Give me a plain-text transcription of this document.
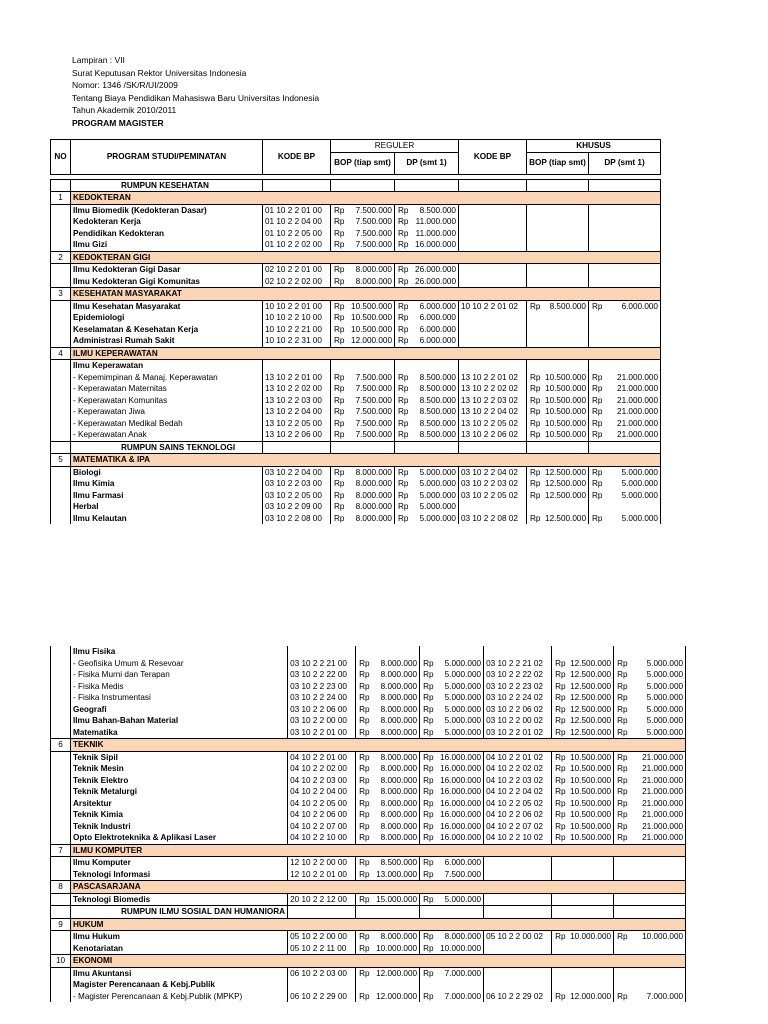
Lampiran : VII
Surat Keputusan Rektor Universitas Indonesia
Nomor: 1346 /SK/R/UI/2009
Tentang Biaya Pendidikan Mahasiswa Baru Universitas Indonesia
Tahun Akademik 2010/2011
PROGRAM MAGISTER
NO	PROGRAM STUDI/PEMINATAN	KODE BP	REGULER		KODE BP	KHUSUS	
			BOP (tiap smt)	DP (smt 1)		BOP (tiap smt)	DP (smt 1)

	RUMPUN KESEHATAN						
1	KEDOKTERAN						
	Ilmu Biomedik (Kedokteran Dasar)	01 10 2 2 01 00	Rp 7.500.000	Rp 8.500.000			

	Kedokteran Kerja	01 10 2 2 04 00	Rp 7.500.000	Rp 11.000.000			

	Pendidikan Kedokteran	01 10 2 2 05 00	Rp 7.500.000	Rp 11.000.000			

	Ilmu Gizi	01 10 2 2 02 00	Rp 7.500.000	Rp 16.000.000			

2	KEDOKTERAN GIGI						
	Ilmu Kedokteran Gigi Dasar	02 10 2 2 01 00	Rp 8.000.000	Rp 26.000.000			

	Ilmu Kedokteran Gigi Komunitas	02 10 2 2 02 00	Rp 8.000.000	Rp 26.000.000			

3	KESEHATAN MASYARAKAT						
	Ilmu Kesehatan Masyarakat	10 10 2 2 01 00	Rp 10.500.000	Rp 6.000.000	10 10 2 2 01 02	Rp 8.500.000	Rp 6.000.000

	Epidemiologi	10 10 2 2 10 00	Rp 10.500.000	Rp 6.000.000			

	Keselamatan & Kesehatan Kerja	10 10 2 2 21 00	Rp 10.500.000	Rp 6.000.000			

	Administrasi Rumah Sakit	10 10 2 2 31 00	Rp 12.000.000	Rp 6.000.000			

4	ILMU KEPERAWATAN						
	Ilmu Keperawatan						
	- Kepemimpinan & Manaj. Keperawatan	13 10 2 2 01 00	Rp 7.500.000	Rp 8.500.000	13 10 2 2 01 02	Rp 10.500.000	Rp 21.000.000

	- Keperawatan Maternitas	13 10 2 2 02 00	Rp 7.500.000	Rp 8.500.000	13 10 2 2 02 02	Rp 10.500.000	Rp 21.000.000

	- Keperawatan Komunitas	13 10 2 2 03 00	Rp 7.500.000	Rp 8.500.000	13 10 2 2 03 02	Rp 10.500.000	Rp 21.000.000

	- Keperawatan Jiwa	13 10 2 2 04 00	Rp 7.500.000	Rp 8.500.000	13 10 2 2 04 02	Rp 10.500.000	Rp 21.000.000

	- Keperawatan Medikal Bedah	13 10 2 2 05 00	Rp 7.500.000	Rp 8.500.000	13 10 2 2 05 02	Rp 10.500.000	Rp 21.000.000

	- Keperawatan Anak	13 10 2 2 06 00	Rp 7.500.000	Rp 8.500.000	13 10 2 2 06 02	Rp 10.500.000	Rp 21.000.000

	RUMPUN SAINS TEKNOLOGI						
5	MATEMATIKA & IPA						
	Biologi	03 10 2 2 04 00	Rp 8.000.000	Rp 5.000.000	03 10 2 2 04 02	Rp 12.500.000	Rp 5.000.000

	Ilmu Kimia	03 10 2 2 03 00	Rp 8.000.000	Rp 5.000.000	03 10 2 2 03 02	Rp 12.500.000	Rp 5.000.000

	Ilmu Farmasi	03 10 2 2 05 00	Rp 8.000.000	Rp 5.000.000	03 10 2 2 05 02	Rp 12.500.000	Rp 5.000.000

	Herbal	03 10 2 2 09 00	Rp 8.000.000	Rp 5.000.000			

	Ilmu Kelautan	03 10 2 2 08 00	Rp 8.000.000	Rp 5.000.000	03 10 2 2 08 02	Rp 12.500.000	Rp 5.000.000
	Ilmu Fisika						
	- Geofisika Umum & Resevoar	03 10 2 2 21 00	Rp 8.000.000	Rp 5.000.000	03 10 2 2 21 02	Rp 12.500.000	Rp 5.000.000

	- Fisika Murni dan Terapan	03 10 2 2 22 00	Rp 8.000.000	Rp 5.000.000	03 10 2 2 22 02	Rp 12.500.000	Rp 5.000.000

	- Fisika Medis	03 10 2 2 23 00	Rp 8.000.000	Rp 5.000.000	03 10 2 2 23 02	Rp 12.500.000	Rp 5.000.000

	- Fisika Instrumentasi	03 10 2 2 24 00	Rp 8.000.000	Rp 5.000.000	03 10 2 2 24 02	Rp 12.500.000	Rp 5.000.000

	Geografi	03 10 2 2 06 00	Rp 8.000.000	Rp 5.000.000	03 10 2 2 06 02	Rp 12.500.000	Rp 5.000.000

	Ilmu Bahan-Bahan Material	03 10 2 2 00 00	Rp 8.000.000	Rp 5.000.000	03 10 2 2 00 02	Rp 12.500.000	Rp 5.000.000

	Matematika	03 10 2 2 01 00	Rp 8.000.000	Rp 5.000.000	03 10 2 2 01 02	Rp 12.500.000	Rp 5.000.000

6	TEKNIK						
	Teknik Sipil	04 10 2 2 01 00	Rp 8.000.000	Rp 16.000.000	04 10 2 2 01 02	Rp 10.500.000	Rp 21.000.000

	Teknik Mesin	04 10 2 2 02 00	Rp 8.000.000	Rp 16.000.000	04 10 2 2 02 02	Rp 10.500.000	Rp 21.000.000

	Teknik Elektro	04 10 2 2 03 00	Rp 8.000.000	Rp 16.000.000	04 10 2 2 03 02	Rp 10.500.000	Rp 21.000.000

	Teknik Metalurgi	04 10 2 2 04 00	Rp 8.000.000	Rp 16.000.000	04 10 2 2 04 02	Rp 10.500.000	Rp 21.000.000

	Arsitektur	04 10 2 2 05 00	Rp 8.000.000	Rp 16.000.000	04 10 2 2 05 02	Rp 10.500.000	Rp 21.000.000

	Teknik Kimia	04 10 2 2 06 00	Rp 8.000.000	Rp 16.000.000	04 10 2 2 06 02	Rp 10.500.000	Rp 21.000.000

	Teknik Industri	04 10 2 2 07 00	Rp 8.000.000	Rp 16.000.000	04 10 2 2 07 02	Rp 10.500.000	Rp 21.000.000

	Opto Elektroteknika & Aplikasi Laser	04 10 2 2 10 00	Rp 8.000.000	Rp 16.000.000	04 10 2 2 10 02	Rp 10.500.000	Rp 21.000.000

7	ILMU KOMPUTER						
	Ilmu Komputer	12 10 2 2 00 00	Rp 8.500.000	Rp 6.000.000			

	Teknologi Informasi	12 10 2 2 01 00	Rp 13.000.000	Rp 7.500.000			

8	PASCASARJANA						
	Teknologi Biomedis	20 10 2 2 12 00	Rp 15.000.000	Rp 5.000.000			

	RUMPUN ILMU SOSIAL DAN HUMANIORA						
9	HUKUM						
	Ilmu Hukum	05 10 2 2 00 00	Rp 8.000.000	Rp 8.000.000	05 10 2 2 00 02	Rp 10.000.000	Rp 10.000.000

	Kenotariatan	05 10 2 2 11 00	Rp 10.000.000	Rp 10.000.000			

10	EKONOMI						
	Ilmu Akuntansi	06 10 2 2 03 00	Rp 12.000.000	Rp 7.000.000			

	Magister Perencanaan & Kebj.Publik						
	- Magister Perencanaan & Kebj.Publik (MPKP)	06 10 2 2 29 00	Rp 12.000.000	Rp 7.000.000	06 10 2 2 29 02	Rp 12.000.000	Rp 7.000.000
